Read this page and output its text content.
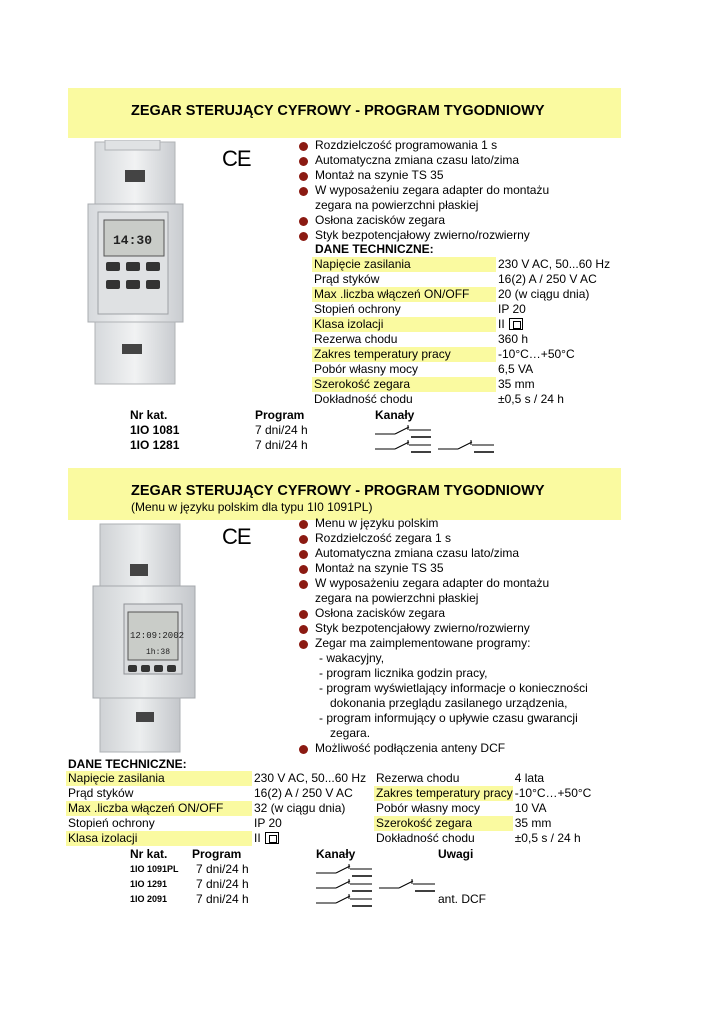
ZEGAR STERUJĄCY CYFROWY - PROGRAM TYGODNIOWY
14:30
CE
Rozdzielczość programowania 1 s
Automatyczna zmiana czasu lato/zima
Montaż na szynie TS 35
W wyposażeniu zegara adapter do montażu
zegara na powierzchni płaskiej
Osłona zacisków zegara
Styk bezpotencjałowy zwierno/rozwierny
DANE TECHNICZNE:
Napięcie zasilania	230 V AC, 50...60 Hz
Prąd styków	16(2) A / 250 V AC
Max .liczba włączeń ON/OFF	20 (w ciągu dnia)
Stopień ochrony	IP 20
Klasa izolacji	II
Rezerwa chodu	360 h
Zakres temperatury pracy	-10°C…+50°C
Pobór własny mocy	6,5 VA
Szerokość zegara	35 mm
Dokładność chodu	±0,5 s / 24 h
Nr kat.	Program	Kanały
1IO 1081	7 dni/24 h	
1IO 1281	7 dni/24 h	
ZEGAR STERUJĄCY CYFROWY - PROGRAM TYGODNIOWY
(Menu w języku polskim dla typu 1I0 1091PL)
12:09:2002
1h:38
CE
Menu w języku polskim
Rozdzielczość zegara 1 s
Automatyczna zmiana czasu lato/zima
Montaż na szynie TS 35
W wyposażeniu zegara adapter do montażu
zegara na powierzchni płaskiej
Osłona zacisków zegara
Styk bezpotencjałowy zwierno/rozwierny
Zegar ma zaimplementowane programy:
- wakacyjny,
- program licznika godzin pracy,
- program wyświetlający informacje o konieczności
dokonania przeglądu zasilanego urządzenia,
- program informujący o upływie czasu gwarancji
zegara.
Możliwość podłączenia anteny DCF
DANE TECHNICZNE:
Napięcie zasilania	230 V AC, 50...60 Hz
Prąd styków	16(2) A / 250 V AC
Max .liczba włączeń ON/OFF	32 (w ciągu dnia)
Stopień ochrony	IP 20
Klasa izolacji	II
Rezerwa chodu	4 lata
Zakres temperatury pracy	-10°C…+50°C
Pobór własny mocy	10 VA
Szerokość zegara	35 mm
Dokładność chodu	±0,5 s / 24 h
Nr kat.	Program	Kanały	Uwagi
1IO 1091PL	7 dni/24 h		
1IO 1291	7 dni/24 h		
1IO 2091	7 dni/24 h		ant. DCF
